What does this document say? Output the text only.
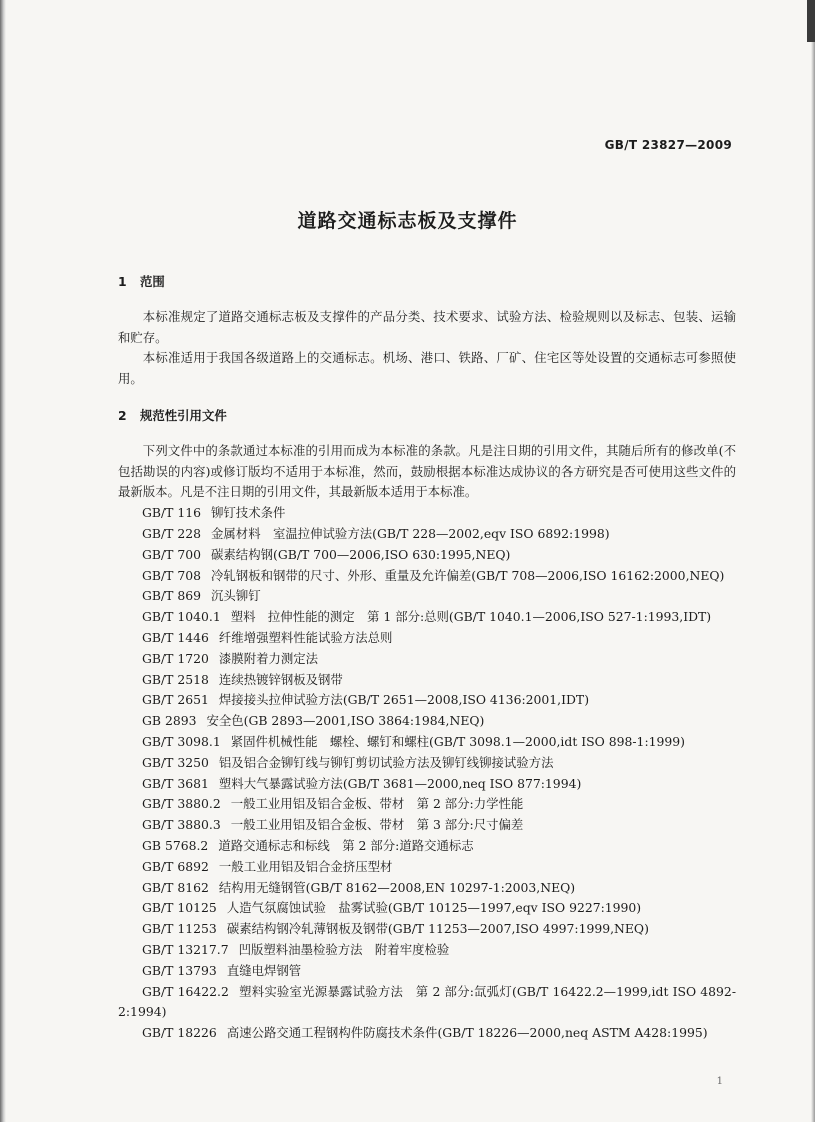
GB/T 23827—2009
道路交通标志板及支撑件

1 范围

本标准规定了道路交通标志板及支撑件的产品分类、技术要求、试验方法、检验规则以及标志、包装、运输和贮存。

本标准适用于我国各级道路上的交通标志。机场、港口、铁路、厂矿、住宅区等处设置的交通标志可参照使用。

2 规范性引用文件

下列文件中的条款通过本标准的引用而成为本标准的条款。凡是注日期的引用文件，其随后所有的修改单(不包括勘误的内容)或修订版均不适用于本标准，然而，鼓励根据本标准达成协议的各方研究是否可使用这些文件的最新版本。凡是不注日期的引用文件，其最新版本适用于本标准。

GB/T 116 铆钉技术条件
GB/T 228 金属材料　室温拉伸试验方法(GB/T 228—2002,eqv ISO 6892:1998)
GB/T 700 碳素结构钢(GB/T 700—2006,ISO 630:1995,NEQ)
GB/T 708 冷轧钢板和钢带的尺寸、外形、重量及允许偏差(GB/T 708—2006,ISO 16162:2000,NEQ)
GB/T 869 沉头铆钉
GB/T 1040.1 塑料　拉伸性能的测定　第 1 部分:总则(GB/T 1040.1—2006,ISO 527-1:1993,IDT)
GB/T 1446 纤维增强塑料性能试验方法总则
GB/T 1720 漆膜附着力测定法
GB/T 2518 连续热镀锌钢板及钢带
GB/T 2651 焊接接头拉伸试验方法(GB/T 2651—2008,ISO 4136:2001,IDT)
GB 2893 安全色(GB 2893—2001,ISO 3864:1984,NEQ)
GB/T 3098.1 紧固件机械性能　螺栓、螺钉和螺柱(GB/T 3098.1—2000,idt ISO 898-1:1999)
GB/T 3250 铝及铝合金铆钉线与铆钉剪切试验方法及铆钉线铆接试验方法
GB/T 3681 塑料大气暴露试验方法(GB/T 3681—2000,neq ISO 877:1994)
GB/T 3880.2 一般工业用铝及铝合金板、带材　第 2 部分:力学性能
GB/T 3880.3 一般工业用铝及铝合金板、带材　第 3 部分:尺寸偏差
GB 5768.2 道路交通标志和标线　第 2 部分:道路交通标志
GB/T 6892 一般工业用铝及铝合金挤压型材
GB/T 8162 结构用无缝钢管(GB/T 8162—2008,EN 10297-1:2003,NEQ)
GB/T 10125 人造气氛腐蚀试验　盐雾试验(GB/T 10125—1997,eqv ISO 9227:1990)
GB/T 11253 碳素结构钢冷轧薄钢板及钢带(GB/T 11253—2007,ISO 4997:1999,NEQ)
GB/T 13217.7 凹版塑料油墨检验方法　附着牢度检验
GB/T 13793 直缝电焊钢管
GB/T 16422.2 塑料实验室光源暴露试验方法　第 2 部分:氙弧灯(GB/T 16422.2—1999,idt ISO 4892-2:1994)
GB/T 18226 高速公路交通工程钢构件防腐技术条件(GB/T 18226—2000,neq ASTM A428:1995)
1
